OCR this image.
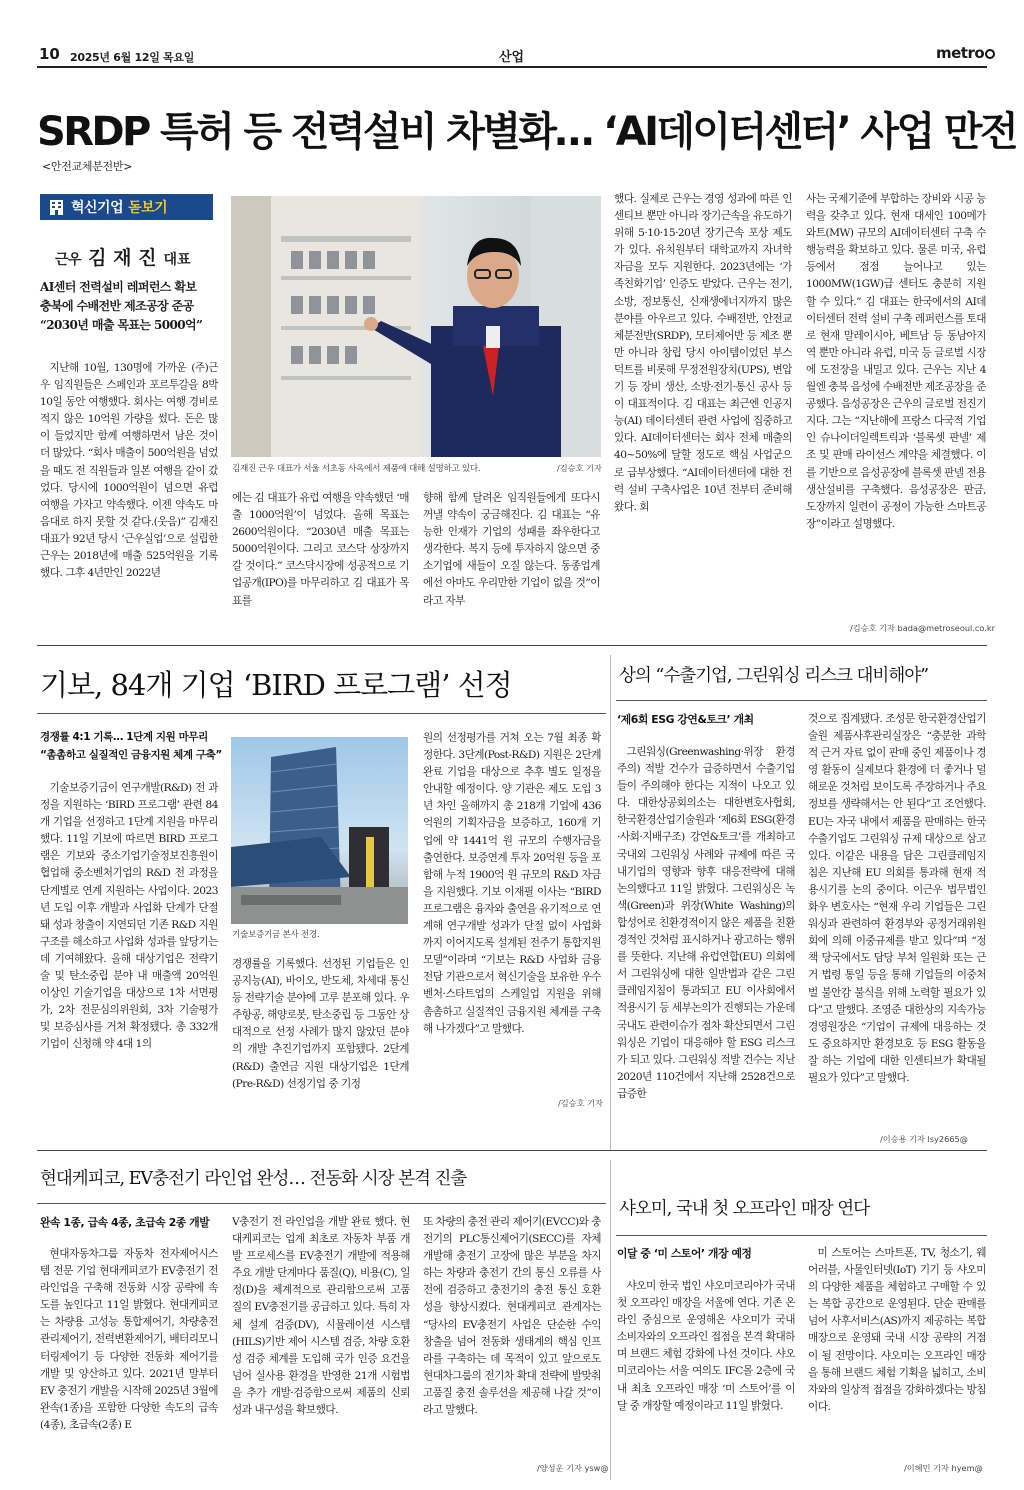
10 2025년 6월 12일 목요일	산업	metro
SRDP 특허 등 전력설비 차별화… ‘AI데이터센터’ 사업 만전
<안전교체분전반>
혁신기업 돋보기
근우 김 재 진 대표
AI센터 전력설비 레퍼런스 확보
충북에 수배전반 제조공장 준공
“2030년 매출 목표는 5000억”
김재진 근우 대표가 서울 서초동 사옥에서 제품에 대해 설명하고 있다.	/김승호 기자

지난해 10월, 130명에 가까운 (주)근우 임직원들은 스페인과 포르투갈을 8박 10일 동안 여행했다. 회사는 여행 경비로 적지 않은 10억원 가량을 썼다. 돈은 많이 들었지만 함께 여행하면서 남은 것이 더 많았다. “회사 매출이 500억원을 넘었을 때도 전 직원들과 일본 여행을 같이 갔었다. 당시에 1000억원이 넘으면 유럽 여행을 가자고 약속했다. 이젠 약속도 마음대로 하지 못할 것 같다.(웃음)” 김재진 대표가 92년 당시 ‘근우실업’으로 설립한 근우는 2018년에 매출 525억원을 기록했다. 그후 4년만인 2022년

에는 김 대표가 유럽 여행을 약속했던 ‘매출 1000억원’이 넘었다. 올해 목표는 2600억원이다. “2030년 매출 목표는 5000억원이다. 그리고 코스닥 상장까지 갈 것이다.” 코스닥시장에 성공적으로 기업공개(IPO)를 마무리하고 김 대표가 목표를

향해 함께 달려온 임직원들에게 또다시 꺼낼 약속이 궁금해진다. 김 대표는 “유능한 인재가 기업의 성패를 좌우한다고 생각한다. 복지 등에 투자하지 않으면 중소기업에 새들이 오질 않는다. 동종업계에선 아마도 우리만한 기업이 없을 것”이라고 자부

했다. 실제로 근우는 경영 성과에 따른 인센티브 뿐만 아니라 장기근속을 유도하기위해 5·10·15·20년 장기근속 포상 제도가 있다. 유치원부터 대학교까지 자녀학자금을 모두 지원한다. 2023년에는 ‘가족친화기업’ 인증도 받았다. 근우는 전기, 소방, 정보통신, 신재생에너지까지 많은 분야를 아우르고 있다. 수배전반, 안전교체분전반(SRDP), 모터제어반 등 제조 뿐만 아니라 창립 당시 아이템이었던 부스덕트를 비롯해 무정전원장치(UPS), 변압기 등 장비 생산, 소방·전기·통신 공사 등이 대표적이다. 김 대표는 최근엔 인공지능(AI) 데이터센터 관련 사업에 집중하고 있다. AI데이터센터는 회사 전체 매출의 40~50%에 달할 정도로 핵심 사업군으로 급부상했다. “AI데이터센터에 대한 전력 설비 구축사업은 10년 전부터 준비해 왔다. 회

사는 국제기준에 부합하는 장비와 시공 능력을 갖추고 있다. 현재 대세인 100메가와트(MW) 규모의 AI데이터센터 구축 수행능력을 확보하고 있다. 물론 미국, 유럽 등에서 점점 늘어나고 있는 1000MW(1GW)급 센터도 충분히 지원할 수 있다.” 김 대표는 한국에서의 AI데이터센터 전력 설비 구축 레퍼런스를 토대로 현재 말레이시아, 베트남 등 동남아지역 뿐만 아니라 유럽, 미국 등 글로벌 시장에 도전장을 내밀고 있다. 근우는 지난 4월엔 충북 음성에 수배전반 제조공장을 준공했다. 음성공장은 근우의 글로벌 전진기지다. 그는 “지난해에 프랑스 다국적 기업인 슈나이더일렉트릭과 ‘블록셋 판넬’ 제조 및 판매 라이선스 계약을 체결했다. 이를 기반으로 음성공장에 블록셋 판넬 전용 생산설비를 구축했다. 음성공장은 판금, 도장까지 일련이 공정이 가능한 스마트공장”이라고 설명했다.

/김승호 기자 bada@metroseoul.co.kr
기보, 84개 기업 ‘BIRD 프로그램’ 선정
경쟁률 4:1 기록… 1단계 지원 마무리
“촘촘하고 실질적인 금융지원 체계 구축”
기술보증기금 본사 전경.

기술보증기금이 연구개발(R&D) 전 과정을 지원하는 ‘BIRD 프로그램’ 관련 84개 기업을 선정하고 1단계 지원을 마무리했다. 11일 기보에 따르면 BIRD 프로그램은 기보와 중소기업기술정보진흥원이 협업해 중소벤처기업의 R&D 전 과정을 단계별로 연계 지원하는 사업이다. 2023년 도입 이후 개발과 사업화 단계가 단절돼 성과 창출이 지연되던 기존 R&D 지원 구조를 해소하고 사업화 성과를 앞당기는 데 기여해왔다. 올해 대상기업은 전략기술 및 탄소중립 분야 내 매출액 20억원 이상인 기술기업을 대상으로 1차 서면평가, 2차 전문심의위원회, 3차 기술평가 및 보증심사를 거쳐 확정됐다. 총 332개 기업이 신청해 약 4대 1의

경쟁률을 기록했다. 선정된 기업들은 인공지능(AI), 바이오, 반도체, 차세대 통신 등 전략기술 분야에 고루 분포해 있다. 우주항공, 해양로봇, 탄소중립 등 그동안 상대적으로 선정 사례가 많지 않았던 분야의 개발 추진기업까지 포함됐다. 2단계(R&D) 출연금 지원 대상기업은 1단계(Pre-R&D) 선정기업 중 기정

원의 선정평가를 거쳐 오는 7월 최종 확정한다. 3단계(Post-R&D) 지원은 2단계 완료 기업을 대상으로 추후 별도 일정을 안내할 예정이다. 양 기관은 제도 도입 3년 차인 올해까지 총 218개 기업에 436억원의 기획자금을 보증하고, 160개 기업에 약 1441억 원 규모의 수행자금을 출연한다. 보증연계 투자 20억원 등을 포함해 누적 1900억 원 규모의 R&D 자금을 지원했다. 기보 이재필 이사는 “BIRD 프로그램은 융자와 출연을 유기적으로 연계해 연구개발 성과가 단절 없이 사업화까지 이어지도록 설계된 전주기 통합지원 모델”이라며 “기보는 R&D 사업화 금융 전담 기관으로서 혁신기술을 보유한 우수 벤처·스타트업의 스케일업 지원을 위해 촘촘하고 실질적인 금융지원 체계를 구축해 나가겠다”고 말했다.

/김승호 기자
상의 “수출기업, 그린워싱 리스크 대비해야”
‘제6회 ESG 강연&토크’ 개최

그린워싱(Greenwashing·위장 환경주의) 적발 건수가 급증하면서 수출기업들이 주의해야 한다는 지적이 나오고 있다. 대한상공회의소는 대한변호사협회, 한국환경산업기술원과 ‘제6회 ESG(환경·사회·지배구조) 강연&토크’를 개최하고 국내외 그린워싱 사례와 규제에 따른 국내기업의 영향과 향후 대응전략에 대해 논의했다고 11일 밝혔다. 그린워싱은 녹색(Green)과 위장(White Washing)의 합성어로 친환경적이지 않은 제품을 친환경적인 것처럼 표시하거나 광고하는 행위를 뜻한다. 지난해 유럽연합(EU) 의회에서 그린워싱에 대한 일반법과 같은 그린클레임지침이 통과되고 EU 이사회에서 적용시기 등 세부논의가 진행되는 가운데 국내도 관련이슈가 점차 확산되면서 그린워싱은 기업이 대응해야 할 ESG 리스크가 되고 있다. 그린워싱 적발 건수는 지난 2020년 110건에서 지난해 2528건으로 급증한

것으로 집계됐다. 조성문 한국환경산업기술원 제품사후관리실장은 “충분한 과학적 근거 자료 없이 판매 중인 제품이나 경영 활동이 실제보다 환경에 더 좋거나 덜 해로운 것처럼 보이도록 주장하거나 주요 정보를 생략해서는 안 된다”고 조언했다. EU는 자국 내에서 제품을 판매하는 한국 수출기업도 그린워싱 규제 대상으로 삼고 있다. 이같은 내용을 담은 그린클레임지침은 지난해 EU 의회를 통과해 현재 적용시기를 논의 중이다. 이근우 법무법인 화우 변호사는 “현재 우리 기업들은 그린워싱과 관련하여 환경부와 공정거래위원회에 의해 이중규제를 받고 있다”며 “정책 당국에서도 담당 부처 일원화 또는 근거 법령 통일 등을 통해 기업들의 이중처벌 불안감 불식을 위해 노력할 필요가 있다”고 말했다. 조영준 대한상의 지속가능경영원장은 “기업이 규제에 대응하는 것도 중요하지만 환경보호 등 ESG 활동을 잘 하는 기업에 대한 인센티브가 확대될 필요가 있다”고 말했다.

/이승용 기자 lsy2665@
현대케피코, EV충전기 라인업 완성… 전동화 시장 본격 진출
완속 1종, 급속 4종, 초급속 2종 개발

현대자동차그룹 자동차 전자제어시스템 전문 기업 현대케피코가 EV충전기 전 라인업을 구축해 전동화 시장 공략에 속도를 높인다고 11일 밝혔다. 현대케피코는 차량용 고성능 통합제어기, 차량충전관리제어기, 전력변환제어기, 배터리모니터링제어기 등 다양한 전동화 제어기를 개발 및 양산하고 있다. 2021년 말부터 EV 충전기 개발을 시작해 2025년 3월에 완속(1종)을 포함한 다양한 속도의 급속(4종), 초급속(2종) E

V충전기 전 라인업을 개발 완료 했다. 현대케피코는 업계 최초로 자동차 부품 개발 프로세스를 EV충전기 개발에 적용해 주요 개발 단계마다 품질(Q), 비용(C), 일정(D)을 체계적으로 관리함으로써 고품질의 EV충전기를 공급하고 있다. 특히 자체 설계 검증(DV), 시뮬레이션 시스템(HILS)기반 제어 시스템 검증, 차량 호환성 검증 체계를 도입해 국가 인증 요건을 넘어 실사용 환경을 반영한 21개 시험법을 추가 개발·검증함으로써 제품의 신뢰성과 내구성을 확보했다.

또 차량의 충전 관리 제어기(EVCC)와 충전기의 PLC통신제어기(SECC)를 자체 개발해 충전기 고장에 많은 부분을 차지하는 차량과 충전기 간의 통신 오류를 사전에 검증하고 충전기의 충전 통신 호환성을 향상시켰다. 현대케피코 관계자는 “당사의 EV충전기 사업은 단순한 수익 창출을 넘어 전동화 생태계의 핵심 인프라를 구축하는 데 목적이 있고 앞으로도 현대차그룹의 전기차 확대 전략에 발맞춰 고품질 충전 솔루션을 제공해 나갈 것”이라고 말했다.

/양성운 기자 ysw@
샤오미, 국내 첫 오프라인 매장 연다
이달 중 ‘미 스토어’ 개장 예정

샤오미 한국 법인 샤오미코리아가 국내 첫 오프라인 매장을 서울에 연다. 기존 온라인 중심으로 운영해온 샤오미가 국내 소비자와의 오프라인 접점을 본격 확대하며 브랜드 체험 강화에 나선 것이다. 샤오미코리아는 서울 여의도 IFC몰 2층에 국내 최초 오프라인 매장 ‘미 스토어’를 이달 중 개장할 예정이라고 11일 밝혔다.

미 스토어는 스마트폰, TV, 청소기, 웨어러블, 사물인터넷(IoT) 기기 등 샤오미의 다양한 제품을 체험하고 구매할 수 있는 복합 공간으로 운영된다. 단순 판매를 넘어 사후서비스(AS)까지 제공하는 복합 매장으로 운영돼 국내 시장 공략의 거점이 될 전망이다. 샤오미는 오프라인 매장을 통해 브랜드 체험 기획을 넓히고, 소비자와의 일상적 접점을 강화하겠다는 방침이다.

/이혜민 기자 hyem@
